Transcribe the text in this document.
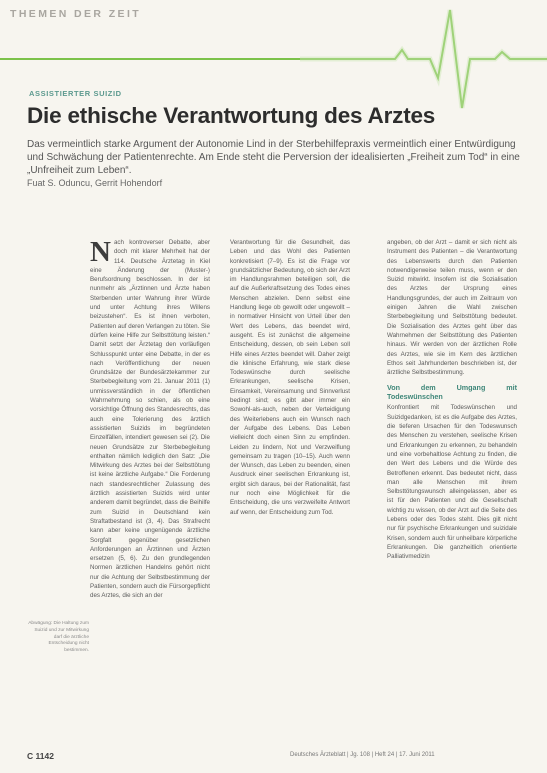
THEMEN DER ZEIT
ASSISTIERTER SUIZID
Die ethische Verantwortung des Arztes
Das vermeintlich starke Argument der Autonomie Lind in der Sterbehilfepraxis vermeintlich einer Entwürdigung und Schwächung der Patientenrechte. Am Ende steht die Perversion der idealisierten „Freiheit zum Tod“ in eine „Unfreiheit zum Leben“.
Fuat S. Oduncu, Gerrit Hohendorf

Nach kontroverser Debatte, aber doch mit klarer Mehrheit hat der 114. Deutsche Ärztetag in Kiel eine Änderung der (Muster-) Berufsordnung beschlossen. In der ist nunmehr als „Ärztinnen und Ärzte haben Sterbenden unter Wahrung ihrer Würde und unter Achtung ihres Willens beizustehen“. Es ist ihnen verboten, Patienten auf deren Verlangen zu töten. Sie dürfen keine Hilfe zur Selbsttötung leisten.“ Damit setzt der Ärztetag den vorläufigen Schlusspunkt unter eine Debatte, in der es nach Veröffentlichung der neuen Grundsätze der Bundesärztekammer zur Sterbebegleitung vom 21. Januar 2011 (1) unmissverständlich in der öffentlichen Wahrnehmung so schien, als ob eine vorsichtige Öffnung des Standesrechts, das auch eine Tolerierung des ärztlich assistierten Suizids im begründeten Einzelfällen, intendiert gewesen sei (2). Die neuen Grundsätze zur Sterbebegleitung enthalten nämlich lediglich den Satz: „Die Mitwirkung des Arztes bei der Selbsttötung ist keine ärztliche Aufgabe.“ Die Forderung nach standesrechtlicher Zulassung des ärztlich assistierten Suizids wird unter anderem damit begründet, dass die Beihilfe zum Suizid in Deutschland kein Straftatbestand ist (3, 4). Das Strafrecht kann aber keine ungenügende ärztliche Sorgfalt gegenüber gesetzlichen Anforderungen an Ärztinnen und Ärzten ersetzen (5, 6). Zu den grundlegenden Normen ärztlichen Handelns gehört nicht nur die Achtung der Selbstbestimmung der Patienten, sondern auch die Fürsorgepflicht des Arztes, die sich an der

Verantwortung für die Gesundheit, das Leben und das Wohl des Patienten konkretisiert (7–9). Es ist die Frage vor grundsätzlicher Bedeutung, ob sich der Arzt im Handlungsrahmen beteiligen soll, die auf die Außerkraftsetzung des Todes eines Menschen abzielen. Denn selbst eine Handlung liege ob gewollt oder ungewollt – in normativer Hinsicht von Urteil über den Wert des Lebens, das beendet wird, ausgeht. Es ist zunächst die allgemeine Entscheidung, dessen, ob sein Leben soll Hilfe eines Arztes beendet will. Daher zeigt die klinische Erfahrung, wie stark diese Todeswünsche durch seelische Erkrankungen, seelische Krisen, Einsamkeit, Vereinsamung und Sinnverlust bedingt sind; es gibt aber immer ein Sowohl-als-auch, neben der Verteidigung des Weiterlebens auch ein Wunsch nach der Aufgabe des Lebens. Das Leben vielleicht doch einen Sinn zu empfinden. Leiden zu lindern, Not und Verzweiflung gemeinsam zu tragen (10–15). Auch wenn der Wunsch, das Leben zu beenden, einen Ausdruck einer seelischen Erkrankung ist, ergibt sich daraus, bei der Rationalität, fast nur noch eine Möglichkeit für die Entscheidung, die uns verzweifelte Antwort auf wenn, der Entscheidung zum Tod.

angeben, ob der Arzt – damit er sich nicht als Instrument des Patienten – die Verantwortung des Lebenswerts durch den Patienten notwendigerweise teilen muss, wenn er den Suizid mitwirkt. Insofern ist die Sozialisation des Arztes der Ursprung eines Handlungsgrundes, der auch im Zeitraum von einigen Jahren die Wahl zwischen Sterbebegleitung und Selbsttötung bedeutet. Die Sozialisation des Arztes geht über das Wahrnehmen der Selbsttötung des Patienten hinaus. Wir werden von der ärztlichen Rolle des Arztes, wie sie im Kern des ärztlichen Ethos seit Jahrhunderten beschrieben ist, der ärztliche Selbstbestimmung.

Von dem Umgang mit Todeswünschen

Konfrontiert mit Todeswünschen und Suizidgedanken, ist es die Aufgabe des Arztes, die tieferen Ursachen für den Todeswunsch des Menschen zu verstehen, seelische Krisen und Erkrankungen zu erkennen, zu behandeln und eine vorbehaltlose Achtung zu finden, die den Wert des Lebens und die Würde des Betroffenen erkennt. Das bedeutet nicht, dass man alle Menschen mit ihrem Selbsttötungswunsch alleingelassen, aber es ist für den Patienten und die Gesellschaft wichtig zu wissen, ob der Arzt auf die Seite des Lebens oder des Todes steht. Dies gilt nicht nur für psychische Erkrankungen und suizidale Krisen, sondern auch für unheilbare körperliche Erkrankungen. Die ganzheitlich orientierte Palliativmedizin

Abwägung: Die Haltung zum Suizid und zur Mitwirkung darf die ärztliche Entscheidung nicht bestimmen.
C 1142	Deutsches Ärzteblatt | Jg. 108 | Heft 24 | 17. Juni 2011
